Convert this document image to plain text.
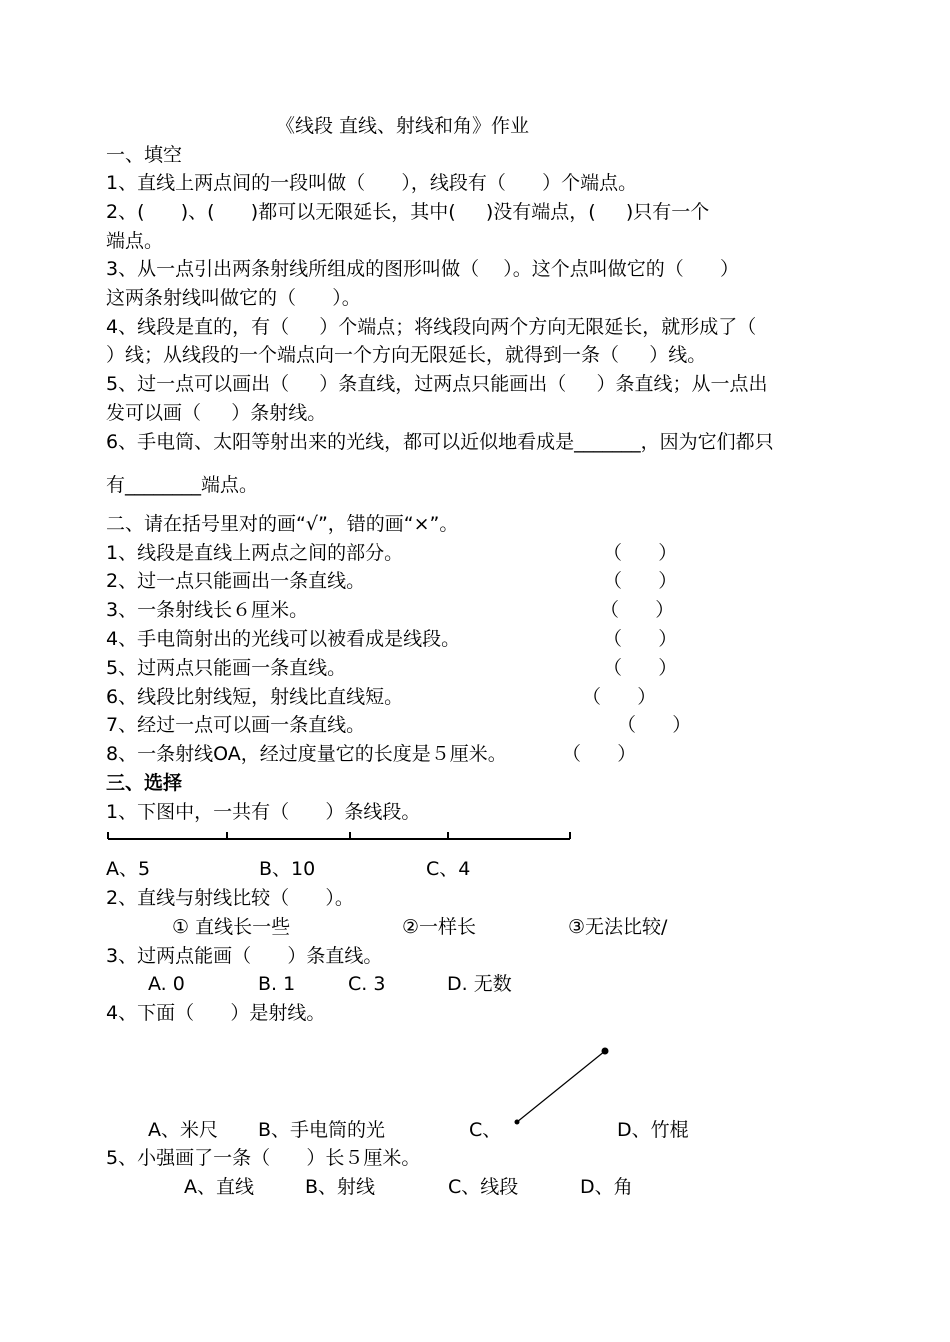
《线段 直线、射线和角》作业
一、填空
1、直线上两点间的一段叫做（      ），线段有（      ）个端点。
2、(      )、(      )都可以无限延长，其中(     )没有端点，(     )只有一个
端点。
3、从一点引出两条射线所组成的图形叫做（    ）。这个点叫做它的（      ）
这两条射线叫做它的（      ）。
4、线段是直的，有（     ）个端点；将线段向两个方向无限延长，就形成了（
）线；从线段的一个端点向一个方向无限延长，就得到一条（     ）线。
5、过一点可以画出（     ）条直线，过两点只能画出（     ）条直线；从一点出
发可以画（     ）条射线。
6、手电筒、太阳等射出来的光线，都可以近似地看成是_______，因为它们都只
有________端点。
二、请在括号里对的画“√”，错的画“×”。
1、线段是直线上两点之间的部分。	（      ）
2、过一点只能画出一条直线。	（      ）
3、一条射线长６厘米。	（      ）
4、手电筒射出的光线可以被看成是线段。	（      ）
5、过两点只能画一条直线。	（      ）
6、线段比射线短，射线比直线短。	（      ）
7、经过一点可以画一条直线。	（      ）
8、一条射线OA，经过度量它的长度是５厘米。	（      ）
三、选择
1、下图中，一共有（      ）条线段。
A、5	B、10	C、4
2、直线与射线比较（      ）。
① 直线长一些	②一样长	③无法比较/
3、过两点能画（      ）条直线。
A. 0	B. 1	C. 3	D. 无数
4、下面（      ）是射线。
A、米尺 B、手电筒的光	C、	D、竹棍
5、小强画了一条（      ）长５厘米。
A、直线	B、射线	C、线段	D、角
